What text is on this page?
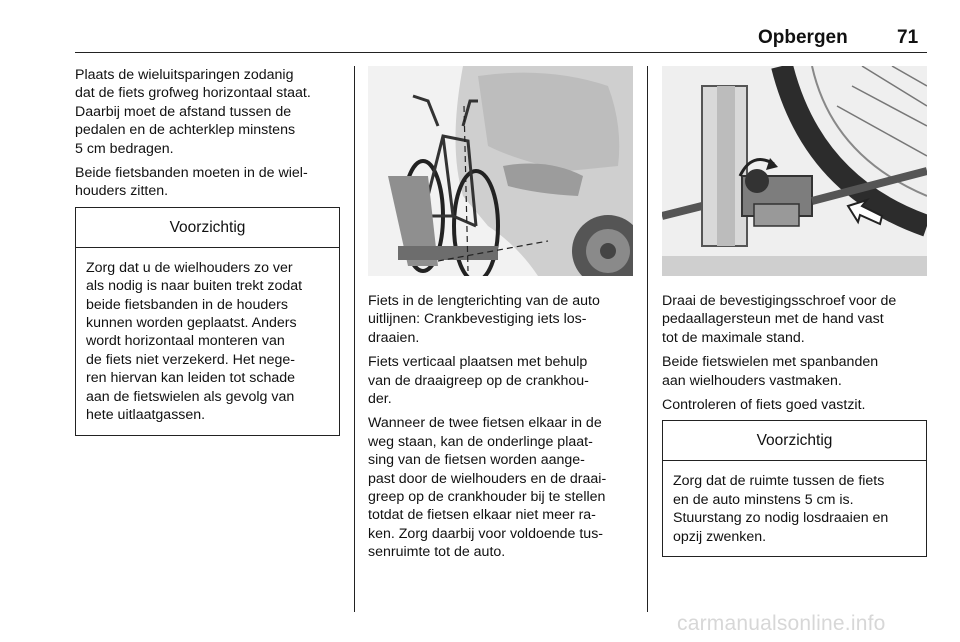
Opbergen	71

Plaats de wieluitsparingen zodanig
dat de fiets grofweg horizontaal staat.
Daarbij moet de afstand tussen de
pedalen en de achterklep minstens
5 cm bedragen.

Beide fietsbanden moeten in de wiel-
houders zitten.

Voorzichtig
Zorg dat u de wielhouders zo ver
als nodig is naar buiten trekt zodat
beide fietsbanden in de houders
kunnen worden geplaatst. Anders
wordt horizontaal monteren van
de fiets niet verzekerd. Het nege-
ren hiervan kan leiden tot schade
aan de fietswielen als gevolg van
hete uitlaatgassen.

Fiets in de lengterichting van de auto
uitlijnen: Crankbevestiging iets los-
draaien.

Fiets verticaal plaatsen met behulp
van de draaigreep op de crankhou-
der.

Wanneer de twee fietsen elkaar in de
weg staan, kan de onderlinge plaat-
sing van de fietsen worden aange-
past door de wielhouders en de draai-
greep op de crankhouder bij te stellen
totdat de fietsen elkaar niet meer ra-
ken. Zorg daarbij voor voldoende tus-
senruimte tot de auto.

Draai de bevestigingsschroef voor de
pedaallagersteun met de hand vast
tot de maximale stand.

Beide fietswielen met spanbanden
aan wielhouders vastmaken.

Controleren of fiets goed vastzit.

Voorzichtig
Zorg dat de ruimte tussen de fiets
en de auto minstens 5 cm is.
Stuurstang zo nodig losdraaien en
opzij zwenken.
carmanualsonline.info
